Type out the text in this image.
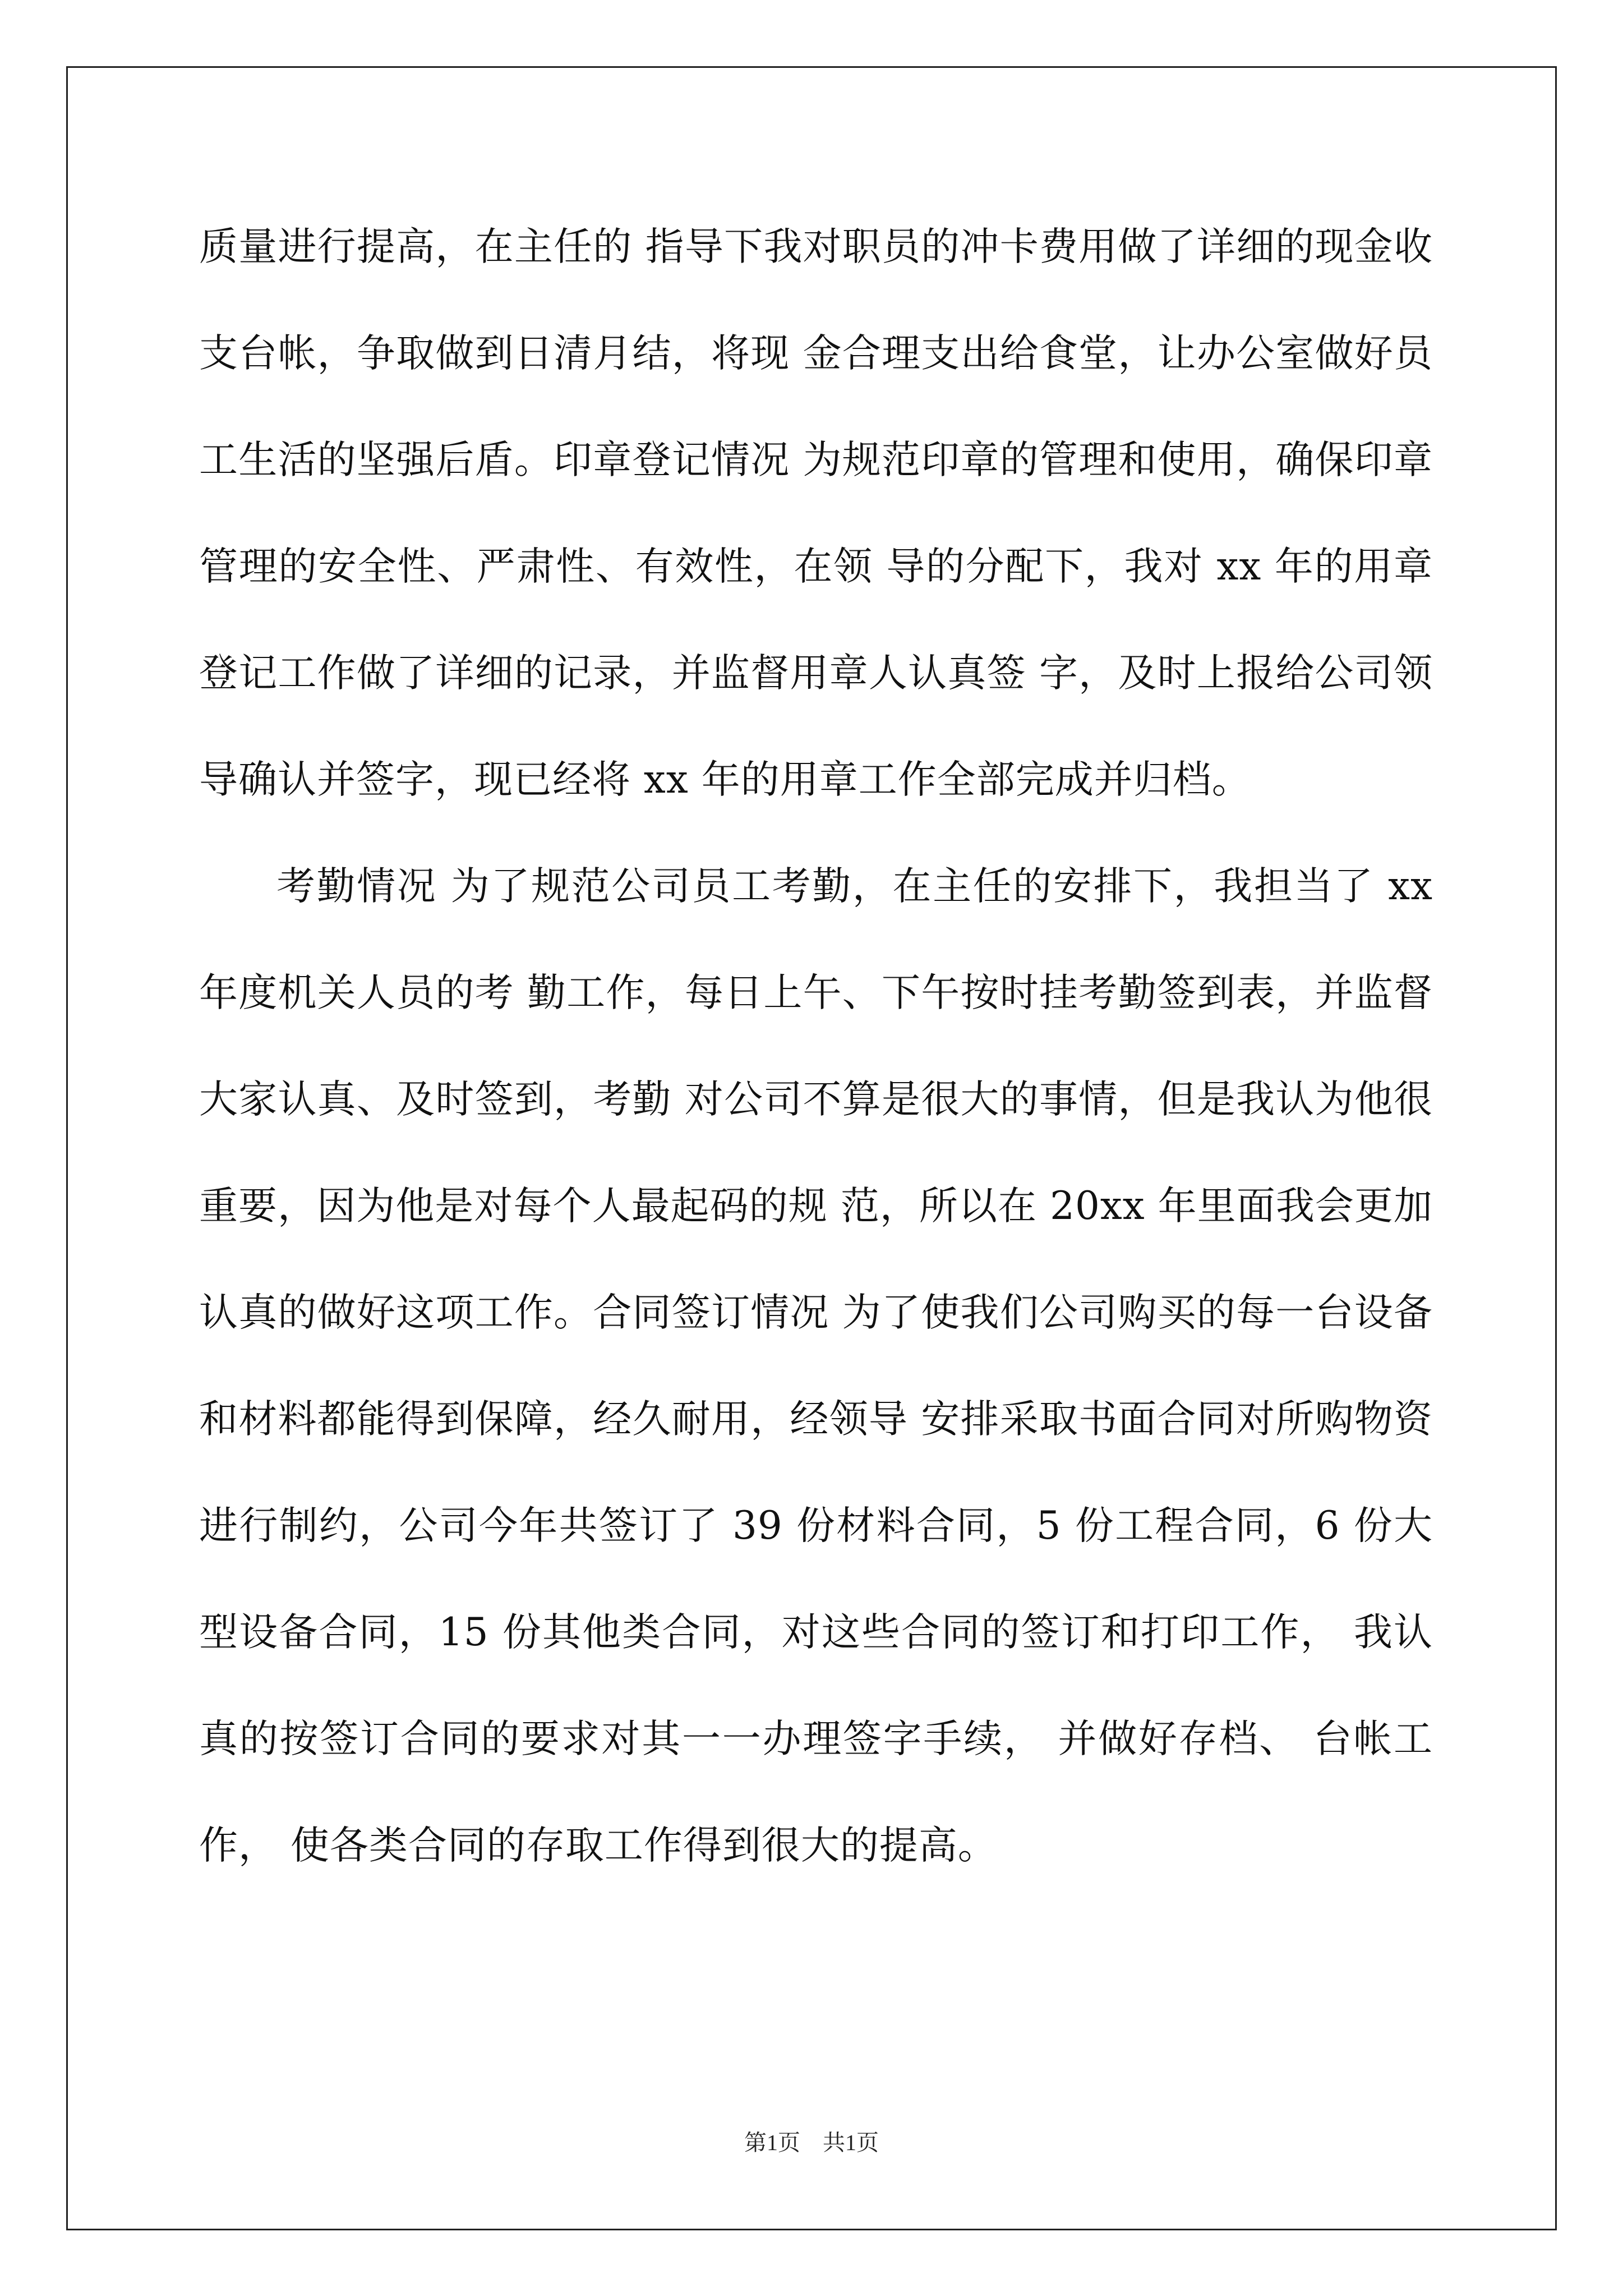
质量进行提高，在主任的 指导下我对职员的冲卡费用做了详细的现金收支台帐，争取做到日清月结，将现 金合理支出给食堂，让办公室做好员工生活的坚强后盾。印章登记情况 为规范印章的管理和使用，确保印章管理的安全性、严肃性、有效性，在领 导的分配下，我对 xx 年的用章登记工作做了详细的记录，并监督用章人认真签 字，及时上报给公司领导确认并签字，现已经将 xx 年的用章工作全部完成并归档。

考勤情况 为了规范公司员工考勤，在主任的安排下，我担当了 xx 年度机关人员的考 勤工作，每日上午、下午按时挂考勤签到表，并监督大家认真、及时签到，考勤 对公司不算是很大的事情，但是我认为他很重要，因为他是对每个人最起码的规 范，所以在 20xx 年里面我会更加认真的做好这项工作。合同签订情况 为了使我们公司购买的每一台设备和材料都能得到保障，经久耐用，经领导 安排采取书面合同对所购物资进行制约，公司今年共签订了 39 份材料合同，5 份工程合同，6 份大型设备合同，15 份其他类合同，对这些合同的签订和打印工作， 我认真的按签订合同的要求对其一一办理签字手续， 并做好存档、 台帐工作， 使各类合同的存取工作得到很大的提高。

第1页　共1页
